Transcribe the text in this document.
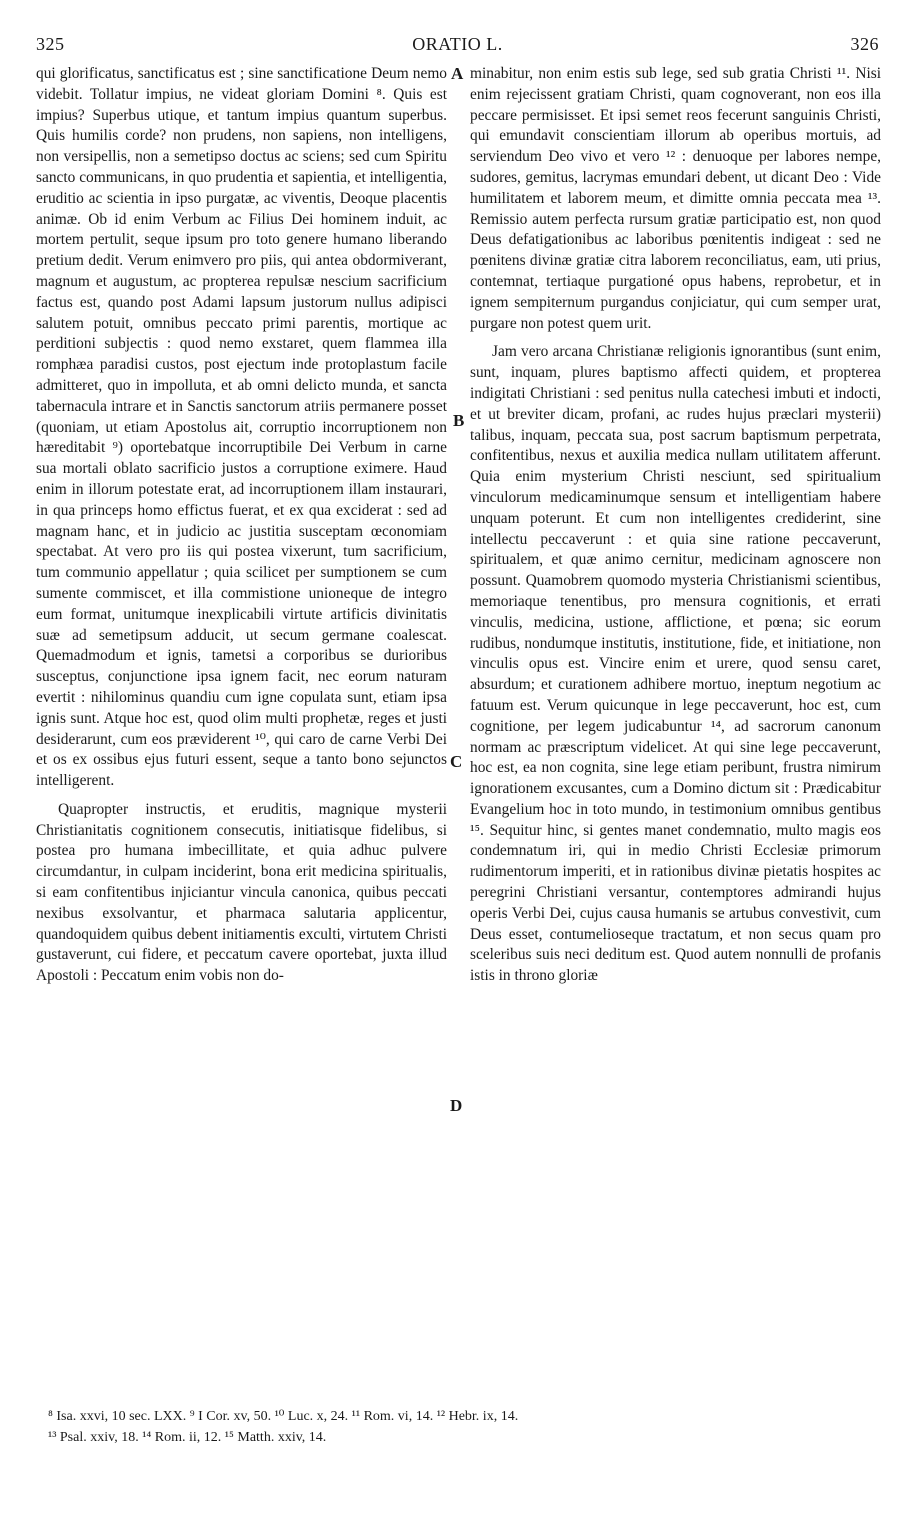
325	ORATIO L.	326

qui glorificatus, sanctificatus est ; sine sanctificatione Deum nemo videbit. Tollatur impius, ne videat gloriam Domini ⁸. Quis est impius? Superbus utique, et tantum impius quantum superbus. Quis humilis corde? non prudens, non sapiens, non intelligens, non versipellis, non a semetipso doctus ac sciens; sed cum Spiritu sancto communicans, in quo prudentia et sapientia, et intelligentia, eruditio ac scientia in ipso purgatæ, ac viventis, Deoque placentis animæ. Ob id enim Verbum ac Filius Dei hominem induit, ac mortem pertulit, seque ipsum pro toto genere humano liberando pretium dedit. Verum enimvero pro piis, qui antea obdormiverant, magnum et augustum, ac propterea repulsæ nescium sacrificium factus est, quando post Adami lapsum justorum nullus adipisci salutem potuit, omnibus peccato primi parentis, mortique ac perditioni subjectis : quod nemo exstaret, quem flammea illa romphæa paradisi custos, post ejectum inde protoplastum facile admitteret, quo in impolluta, et ab omni delicto munda, et sancta tabernacula intrare et in Sanctis sanctorum atriis permanere posset (quoniam, ut etiam Apostolus ait, corruptio incorruptionem non hæreditabit ⁹) oportebatque incorruptibile Dei Verbum in carne sua mortali oblato sacrificio justos a corruptione eximere. Haud enim in illorum potestate erat, ad incorruptionem illam instaurari, in qua princeps homo effictus fuerat, et ex qua exciderat : sed ad magnam hanc, et in judicio ac justitia susceptam œconomiam spectabat. At vero pro iis qui postea vixerunt, tum sacrificium, tum communio appellatur ; quia scilicet per sumptionem se cum sumente commiscet, et illa commistione unioneque de integro eum format, unitumque inexplicabili virtute artificis divinitatis suæ ad semetipsum adducit, ut secum germane coalescat. Quemadmodum et ignis, tametsi a corporibus se durioribus susceptus, conjunctione ipsa ignem facit, nec eorum naturam evertit : nihilominus quandiu cum igne copulata sunt, etiam ipsa ignis sunt. Atque hoc est, quod olim multi prophetæ, reges et justi desiderarunt, cum eos præviderent ¹⁰, qui caro de carne Verbi Dei et os ex ossibus ejus futuri essent, seque a tanto bono sejunctos intelligerent.

Quapropter instructis, et eruditis, magnique mysterii Christianitatis cognitionem consecutis, initiatisque fidelibus, si postea pro humana imbecillitate, et quia adhuc pulvere circumdantur, in culpam inciderint, bona erit medicina spiritualis, si eam confitentibus injiciantur vincula canonica, quibus peccati nexibus exsolvantur, et pharmaca salutaria applicentur, quandoquidem quibus debent initiamentis exculti, virtutem Christi gustaverunt, cui fidere, et peccatum cavere oportebat, juxta illud Apostoli : Peccatum enim vobis non do-

A
B
C
D

minabitur, non enim estis sub lege, sed sub gratia Christi ¹¹. Nisi enim rejecissent gratiam Christi, quam cognoverant, non eos illa peccare permisisset. Et ipsi semet reos fecerunt sanguinis Christi, qui emundavit conscientiam illorum ab operibus mortuis, ad serviendum Deo vivo et vero ¹² : denuoque per labores nempe, sudores, gemitus, lacrymas emundari debent, ut dicant Deo : Vide humilitatem et laborem meum, et dimitte omnia peccata mea ¹³. Remissio autem perfecta rursum gratiæ participatio est, non quod Deus defatigationibus ac laboribus pœnitentis indigeat : sed ne pœnitens divinæ gratiæ citra laborem reconciliatus, eam, uti prius, contemnat, tertiaque purgationé opus habens, reprobetur, et in ignem sempiternum purgandus conjiciatur, qui cum semper urat, purgare non potest quem urit.

Jam vero arcana Christianæ religionis ignorantibus (sunt enim, sunt, inquam, plures baptismo affecti quidem, et propterea indigitati Christiani : sed penitus nulla catechesi imbuti et indocti, et ut breviter dicam, profani, ac rudes hujus præclari mysterii) talibus, inquam, peccata sua, post sacrum baptismum perpetrata, confitentibus, nexus et auxilia medica nullam utilitatem afferunt. Quia enim mysterium Christi nesciunt, sed spiritualium vinculorum medicaminumque sensum et intelligentiam habere unquam poterunt. Et cum non intelligentes crediderint, sine intellectu peccaverunt : et quia sine ratione peccaverunt, spiritualem, et quæ animo cernitur, medicinam agnoscere non possunt. Quamobrem quomodo mysteria Christianismi scientibus, memoriaque tenentibus, pro mensura cognitionis, et errati vinculis, medicina, ustione, afflictione, et pœna; sic eorum rudibus, nondumque institutis, institutione, fide, et initiatione, non vinculis opus est. Vincire enim et urere, quod sensu caret, absurdum; et curationem adhibere mortuo, ineptum negotium ac fatuum est. Verum quicunque in lege peccaverunt, hoc est, cum cognitione, per legem judicabuntur ¹⁴, ad sacrorum canonum normam ac præscriptum videlicet. At qui sine lege peccaverunt, hoc est, ea non cognita, sine lege etiam peribunt, frustra nimirum ignorationem excusantes, cum a Domino dictum sit : Prædicabitur Evangelium hoc in toto mundo, in testimonium omnibus gentibus ¹⁵. Sequitur hinc, si gentes manet condemnatio, multo magis eos condemnatum iri, qui in medio Christi Ecclesiæ primorum rudimentorum imperiti, et in rationibus divinæ pietatis hospites ac peregrini Christiani versantur, contemptores admirandi hujus operis Verbi Dei, cujus causa humanis se artubus convestivit, cum Deus esset, contumelioseque tractatum, et non secus quam pro sceleribus suis neci deditum est. Quod autem nonnulli de profanis istis in throno gloriæ

⁸ Isa. xxvi, 10 sec. LXX. ⁹ I Cor. xv, 50. ¹⁰ Luc. x, 24. ¹¹ Rom. vi, 14. ¹² Hebr. ix, 14.
¹³ Psal. xxiv, 18. ¹⁴ Rom. ii, 12. ¹⁵ Matth. xxiv, 14.
